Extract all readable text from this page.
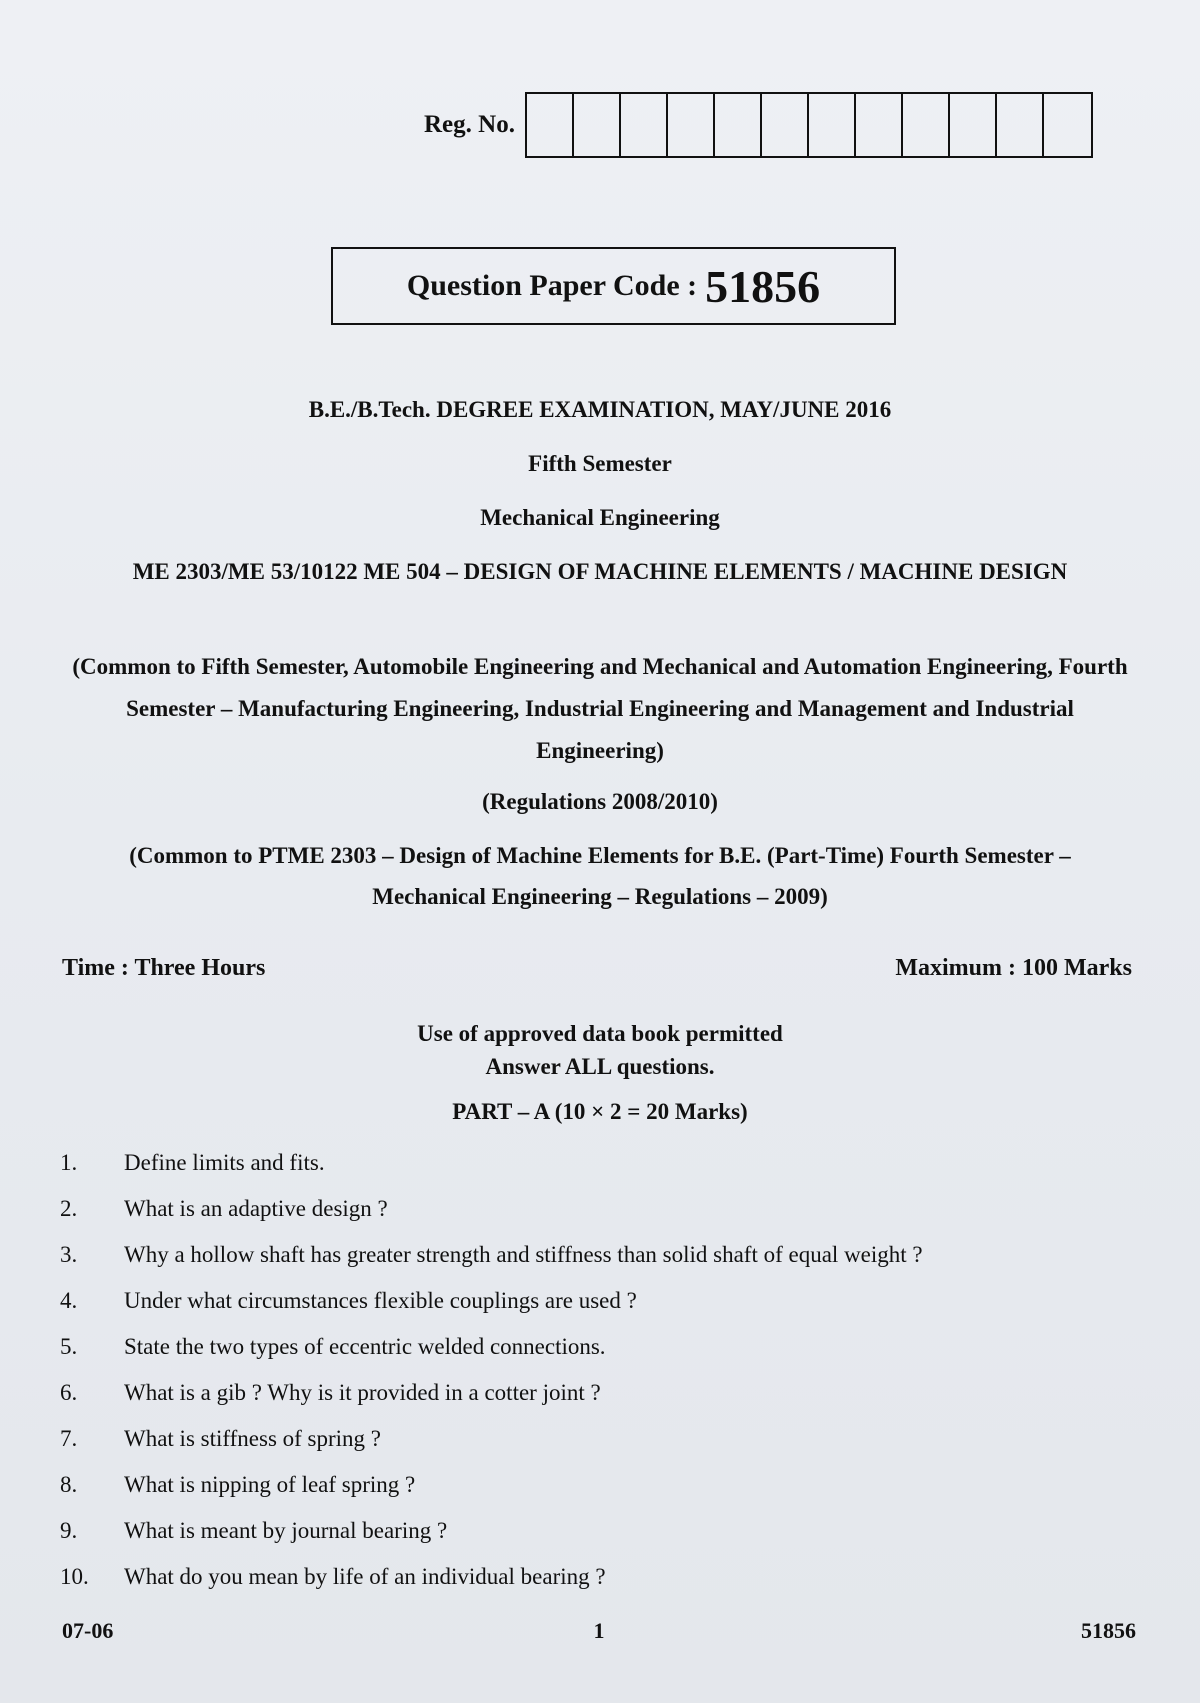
Reg. No.
Question Paper Code : 51856
B.E./B.Tech. DEGREE EXAMINATION, MAY/JUNE 2016
Fifth Semester
Mechanical Engineering
ME 2303/ME 53/10122 ME 504 – DESIGN OF MACHINE ELEMENTS / MACHINE DESIGN
(Common to Fifth Semester, Automobile Engineering and Mechanical and Automation Engineering, Fourth Semester – Manufacturing Engineering, Industrial Engineering and Management and Industrial Engineering)
(Regulations 2008/2010)
(Common to PTME 2303 – Design of Machine Elements for B.E. (Part-Time) Fourth Semester – Mechanical Engineering – Regulations – 2009)
Time : Three Hours	Maximum : 100 Marks
Use of approved data book permitted
Answer ALL questions.
PART – A (10 × 2 = 20 Marks)
1.	Define limits and fits.
2.	What is an adaptive design ?
3.	Why a hollow shaft has greater strength and stiffness than solid shaft of equal weight ?
4.	Under what circumstances flexible couplings are used ?
5.	State the two types of eccentric welded connections.
6.	What is a gib ? Why is it provided in a cotter joint ?
7.	What is stiffness of spring ?
8.	What is nipping of leaf spring ?
9.	What is meant by journal bearing ?
10.	What do you mean by life of an individual bearing ?
07-06	1	51856
